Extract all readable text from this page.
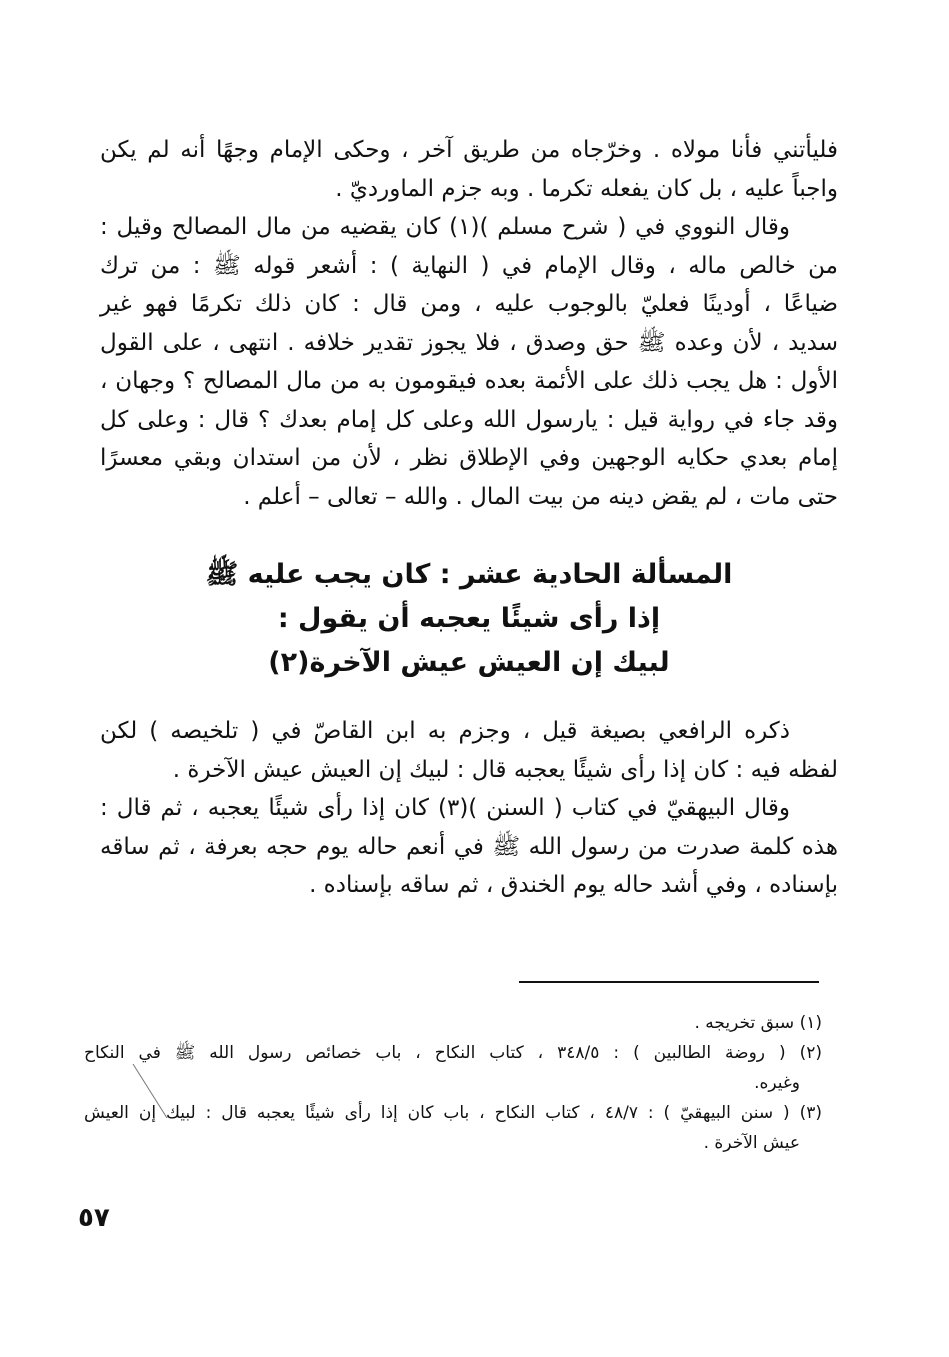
فليأتني فأنا مولاه . وخرّجاه من طريق آخر ، وحكى الإمام وجهًا أنه لم يكن
واجباً عليه ، بل كان يفعله تكرما . وبه جزم الماورديّ .
وقال النووي في ( شرح مسلم )(١) كان يقضيه من مال المصالح وقيل :
من خالص ماله ، وقال الإمام في ( النهاية ) : أشعر قوله ﷺ : من ترك
ضياعًا ، أودينًا فعليّ بالوجوب عليه ، ومن قال : كان ذلك تكرمًا فهو غير
سديد ، لأن وعده ﷺ حق وصدق ، فلا يجوز تقدير خلافه . انتهى ، على القول
الأول : هل يجب ذلك على الأئمة بعده فيقومون به من مال المصالح ؟ وجهان ،
وقد جاء في رواية قيل : يارسول الله وعلى كل إمام بعدك ؟ قال : وعلى كل
إمام بعدي حكايه الوجهين وفي الإطلاق نظر ، لأن من استدان وبقي معسرًا
حتى مات ، لم يقض دينه من بيت المال . والله – تعالى – أعلم .
المسألة الحادية عشر : كان يجب عليه ﷺ
إذا رأى شيئًا يعجبه أن يقول :
لبيك إن العيش عيش الآخرة(٢)
ذكره الرافعي بصيغة قيل ، وجزم به ابن القاصّ في ( تلخيصه ) لكن
لفظه فيه : كان إذا رأى شيئًا يعجبه قال : لبيك إن العيش عيش الآخرة .
وقال البيهقيّ في كتاب ( السنن )(٣) كان إذا رأى شيئًا يعجبه ، ثم قال :
هذه كلمة صدرت من رسول الله ﷺ في أنعم حاله يوم حجه بعرفة ، ثم ساقه
بإسناده ، وفي أشد حاله يوم الخندق ، ثم ساقه بإسناده .
(١) سبق تخريجه .
(٢) ( روضة الطالبين ) : ٣٤٨/٥ ، كتاب النكاح ، باب خصائص رسول الله ﷺ في النكاح
وغيره.
(٣) ( سنن البيهقيّ ) : ٤٨/٧ ، كتاب النكاح ، باب كان إذا رأى شيئًا يعجبه قال : لبيك إن العيش
عيش الآخرة .
٥٧
